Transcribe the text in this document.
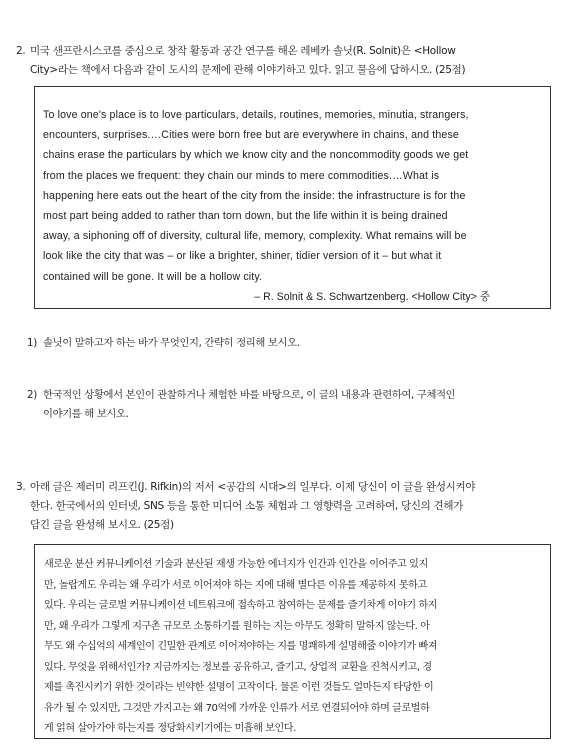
2. 미국 샌프란시스코를 중심으로 창작 활동과 공간 연구를 해온 레베카 솔닛(R. Solnit)은 <Hollow
City>라는 책에서 다음과 같이 도시의 문제에 관해 이야기하고 있다. 읽고 물음에 답하시오. (25점)
To love one's place is to love particulars, details, routines, memories, minutia, strangers,
encounters, surprises.…Cities were born free but are everywhere in chains, and these
chains erase the particulars by which we know city and the noncommodity goods we get
from the places we frequent: they chain our minds to mere commodities.…What is
happening here eats out the heart of the city from the inside: the infrastructure is for the
most part being added to rather than torn down, but the life within it is being drained
away, a siphoning off of diversity, cultural life, memory, complexity. What remains will be
look like the city that was – or like a brighter, shiner, tidier version of it – but what it
contained will be gone. It will be a hollow city.
– R. Solnit & S. Schwartzenberg. <Hollow City> 중
1) 솔닛이 말하고자 하는 바가 무엇인지, 간략히 정리해 보시오.
2) 한국적인 상황에서 본인이 관찰하거나 체험한 바를 바탕으로, 이 글의 내용과 관련하여, 구체적인
이야기를 해 보시오.
3. 아래 글은 제러미 리프킨(J. Rifkin)의 저서 <공감의 시대>의 일부다. 이제 당신이 이 글을 완성시켜야
한다. 한국에서의 인터넷, SNS 등을 통한 미디어 소통 체험과 그 영향력을 고려하여, 당신의 견해가
담긴 글을 완성해 보시오. (25점)
새로운 분산 커뮤니케이션 기술과 분산된 재생 가능한 에너지가 인간과 인간을 이어주고 있지
만, 놀랍게도 우리는 왜 우리가 서로 이어져야 하는 지에 대해 별다른 이유를 제공하지 못하고
있다. 우리는 글로벌 커뮤니케이션 네트워크에 접속하고 참여하는 문제를 즐기차게 이야기 하지
만, 왜 우리가 그렇게 지구촌 규모로 소통하기를 원하는 지는 아무도 정확히 말하지 않는다. 아
무도 왜 수십억의 세계인이 긴밀한 관계로 이어져야하는 지를 명쾌하게 설명해줄 이야기가 빠져
있다. 무엇을 위해서인가? 지금까지는 정보를 공유하고, 즐기고, 상업적 교환을 진척시키고, 경
제를 촉진시키기 위한 것이라는 빈약한 설명이 고작이다. 물론 이런 것들도 얼마든지 타당한 이
유가 될 수 있지만, 그것만 가지고는 왜 70억에 가까운 인류가 서로 연결되어야 하며 글로벌하
게 얽혀 살아가야 하는지를 정당화시키기에는 미흡해 보인다.
